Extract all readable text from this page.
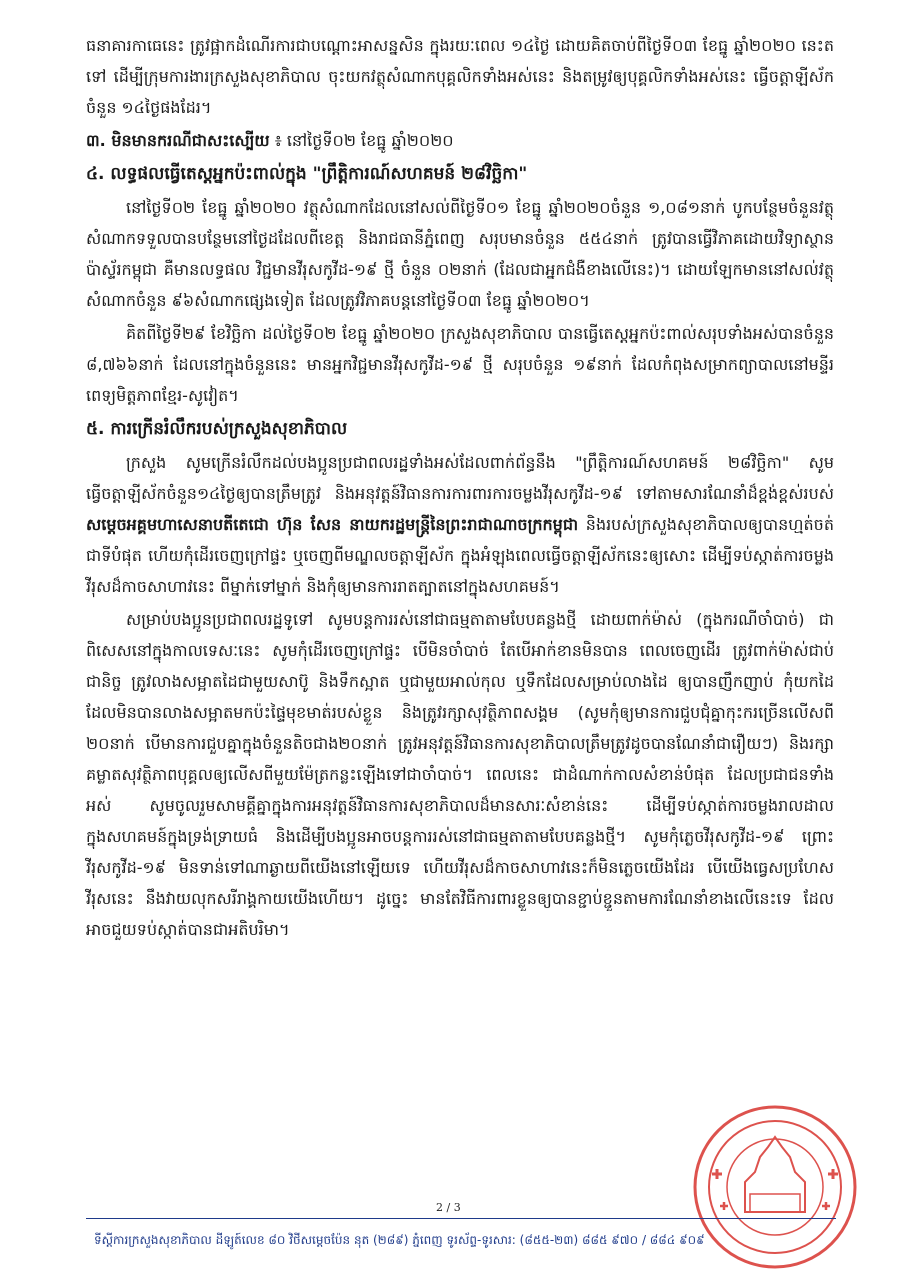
ធនាគារកាធេនេះ ត្រូវផ្អាកដំណើរការជាបណ្ដោះអាសន្នសិន ក្នុងរយៈពេល ១៤ថ្ងៃ ដោយគិតចាប់ពីថ្ងៃទី០៣ ខែធ្នូ ឆ្នាំ២០២០ នេះតទៅ ដើម្បីក្រុមការងារក្រសួងសុខាភិបាល ចុះយកវត្ថុសំណាកបុគ្គលិកទាំងអស់នេះ និងតម្រូវឲ្យបុគ្គលិកទាំងអស់នេះ ធ្វើចត្តាឡីស័កចំនួន ១៤ថ្ងៃផងដែរ។

៣. មិនមានករណីជាសះស្បើយ ៖ នៅថ្ងៃទី០២ ខែធ្នូ ឆ្នាំ២០២០

៤. លទ្ធផលធ្វើតេស្តអ្នកប៉ះពាល់ក្នុង "ព្រឹត្តិការណ៍សហគមន៍ ២៨វិច្ឆិកា"

នៅថ្ងៃទី០២ ខែធ្នូ ឆ្នាំ២០២០ វត្ថុសំណាកដែលនៅសល់ពីថ្ងៃទី០១ ខែធ្នូ ឆ្នាំ២០២០ចំនួន ១,០៨១នាក់ បូកបន្ថែមចំនួនវត្ថុសំណាកទទួលបានបន្ថែមនៅថ្ងៃដដែលពីខេត្ត និងរាជធានីភ្នំពេញ សរុបមានចំនួន ៥៥៤នាក់ ត្រូវបានធ្វើវិភាគដោយវិទ្យាស្ថានប៉ាស្ទ័រកម្ពុជា គឺមានលទ្ធផល វិជ្ជមានវីរុសកូវីដ-១៩ ថ្មី ចំនួន ០២នាក់ (ដែលជាអ្នកជំងឺខាងលើនេះ)។ ដោយឡែកមាននៅសល់វត្ថុសំណាកចំនួន ៩៦សំណាកផ្សេងទៀត ដែលត្រូវវិភាគបន្តនៅថ្ងៃទី០៣ ខែធ្នូ ឆ្នាំ២០២០។

គិតពីថ្ងៃទី២៩ ខែវិច្ឆិកា ដល់ថ្ងៃទី០២ ខែធ្នូ ឆ្នាំ២០២០ ក្រសួងសុខាភិបាល បានធ្វើតេស្តអ្នកប៉ះពាល់សរុបទាំងអស់បានចំនួន ៨,៧៦៦នាក់ ដែលនៅក្នុងចំនួននេះ មានអ្នកវិជ្ជមានវីរុសកូវីដ-១៩ ថ្មី សរុបចំនួន ១៩នាក់ ដែលកំពុងសម្រាកព្យាបាលនៅមន្ទីរពេទ្យមិត្តភាពខ្មែរ-សូវៀត។

៥. ការក្រើនរំលឹករបស់ក្រសួងសុខាភិបាល

ក្រសួង សូមក្រើនរំលឹកដល់បងប្អូនប្រជាពលរដ្ឋទាំងអស់ដែលពាក់ព័ន្ធនឹង "ព្រឹត្តិការណ៍សហគមន៍ ២៨វិច្ឆិកា" សូមធ្វើចត្តាឡីស័កចំនួន១៤ថ្ងៃឲ្យបានត្រឹមត្រូវ និងអនុវត្តន៍វិធានការការពារការចម្លងវីរុសកូវីដ-១៩ ទៅតាមសារណែនាំដ៏ខ្ពង់ខ្ពស់របស់ សម្ដេចអគ្គមហាសេនាបតីតេជោ ហ៊ុន សែន នាយករដ្ឋមន្ត្រីនៃព្រះរាជាណាចក្រកម្ពុជា និងរបស់ក្រសួងសុខាភិបាលឲ្យបានហ្មត់ចត់ជាទីបំផុត ហើយកុំដើរចេញក្រៅផ្ទះ ឬចេញពីមណ្ឌលចត្តាឡីស័ក ក្នុងអំឡុងពេលធ្វើចត្តាឡីស័កនេះឲ្យសោះ ដើម្បីទប់ស្កាត់ការចម្លងវីរុសដ៏កាចសាហាវនេះ ពីម្នាក់ទៅម្នាក់ និងកុំឲ្យមានការរាតត្បាតនៅក្នុងសហគមន៍។

សម្រាប់បងប្អូនប្រជាពលរដ្ឋទូទៅ សូមបន្តការរស់នៅជាធម្មតាតាមបែបគន្លងថ្មី ដោយពាក់ម៉ាស់ (ក្នុងករណីចាំបាច់) ជាពិសេសនៅក្នុងកាលទេសៈនេះ សូមកុំដើរចេញក្រៅផ្ទះ បើមិនចាំបាច់ តែបើអាក់ខានមិនបាន ពេលចេញដើរ ត្រូវពាក់ម៉ាស់ជាប់ជានិច្ច ត្រូវលាងសម្អាតដៃជាមួយសាប៊ូ និងទឹកស្អាត ឬជាមួយអាល់កុល ឬទឹកដែលសម្រាប់លាងដៃ ឲ្យបានញឹកញាប់ កុំយកដៃដែលមិនបានលាងសម្អាតមកប៉ះផ្ទៃមុខមាត់របស់ខ្លួន និងត្រូវរក្សាសុវត្ថិភាពសង្គម (សូមកុំឲ្យមានការជួបជុំគ្នាកុះករច្រើនលើសពី ២០នាក់ បើមានការជួបគ្នាក្នុងចំនួនតិចជាង២០នាក់ ត្រូវអនុវត្តន៍វិធានការសុខាភិបាលត្រឹមត្រូវដូចបានណែនាំជារឿយៗ) និងរក្សាគម្លាតសុវត្ថិភាពបុគ្គលឲ្យលើសពីមួយម៉ែត្រកន្លះឡើងទៅជាចាំបាច់។ ពេលនេះ ជាដំណាក់កាលសំខាន់បំផុត ដែលប្រជាជនទាំងអស់ សូមចូលរួមសាមគ្គីគ្នាក្នុងការអនុវត្តន៍វិធានការសុខាភិបាលដ៏មានសារៈសំខាន់នេះ ដើម្បីទប់ស្កាត់ការចម្លងរាលដាលក្នុងសហគមន៍ក្នុងទ្រង់ទ្រាយធំ និងដើម្បីបងប្អូនអាចបន្តការរស់នៅជាធម្មតាតាមបែបគន្លងថ្មី។ សូមកុំភ្លេចវីរុសកូវីដ-១៩ ព្រោះវីរុសកូវីដ-១៩ មិនទាន់ទៅណាឆ្ងាយពីយើងនៅឡើយទេ ហើយវីរុសដ៏កាចសាហាវនេះក៏មិនភ្លេចយើងដែរ បើយើងធ្វេសប្រហែស វីរុសនេះ នឹងវាយលុកសរីរាង្គកាយយើងហើយ។ ដូច្នេះ មានតែវិធីការពារខ្លួនឲ្យបានខ្ជាប់ខ្ជួនតាមការណែនាំខាងលើនេះទេ ដែលអាចជួយទប់ស្កាត់បានជាអតិបរិមា។

2 / 3
ទីស្ដីការក្រសួងសុខាភិបាល ដីឡូត៍លេខ ៨០ វិថីសម្ដេចប៉ែន នុត (២៨៩) ភ្នំពេញ ទូរស័ព្ទ-ទូរសារ: (៨៥៥-២៣) ៨៨៥ ៩៧០ / ៨៨៤ ៩០៩
